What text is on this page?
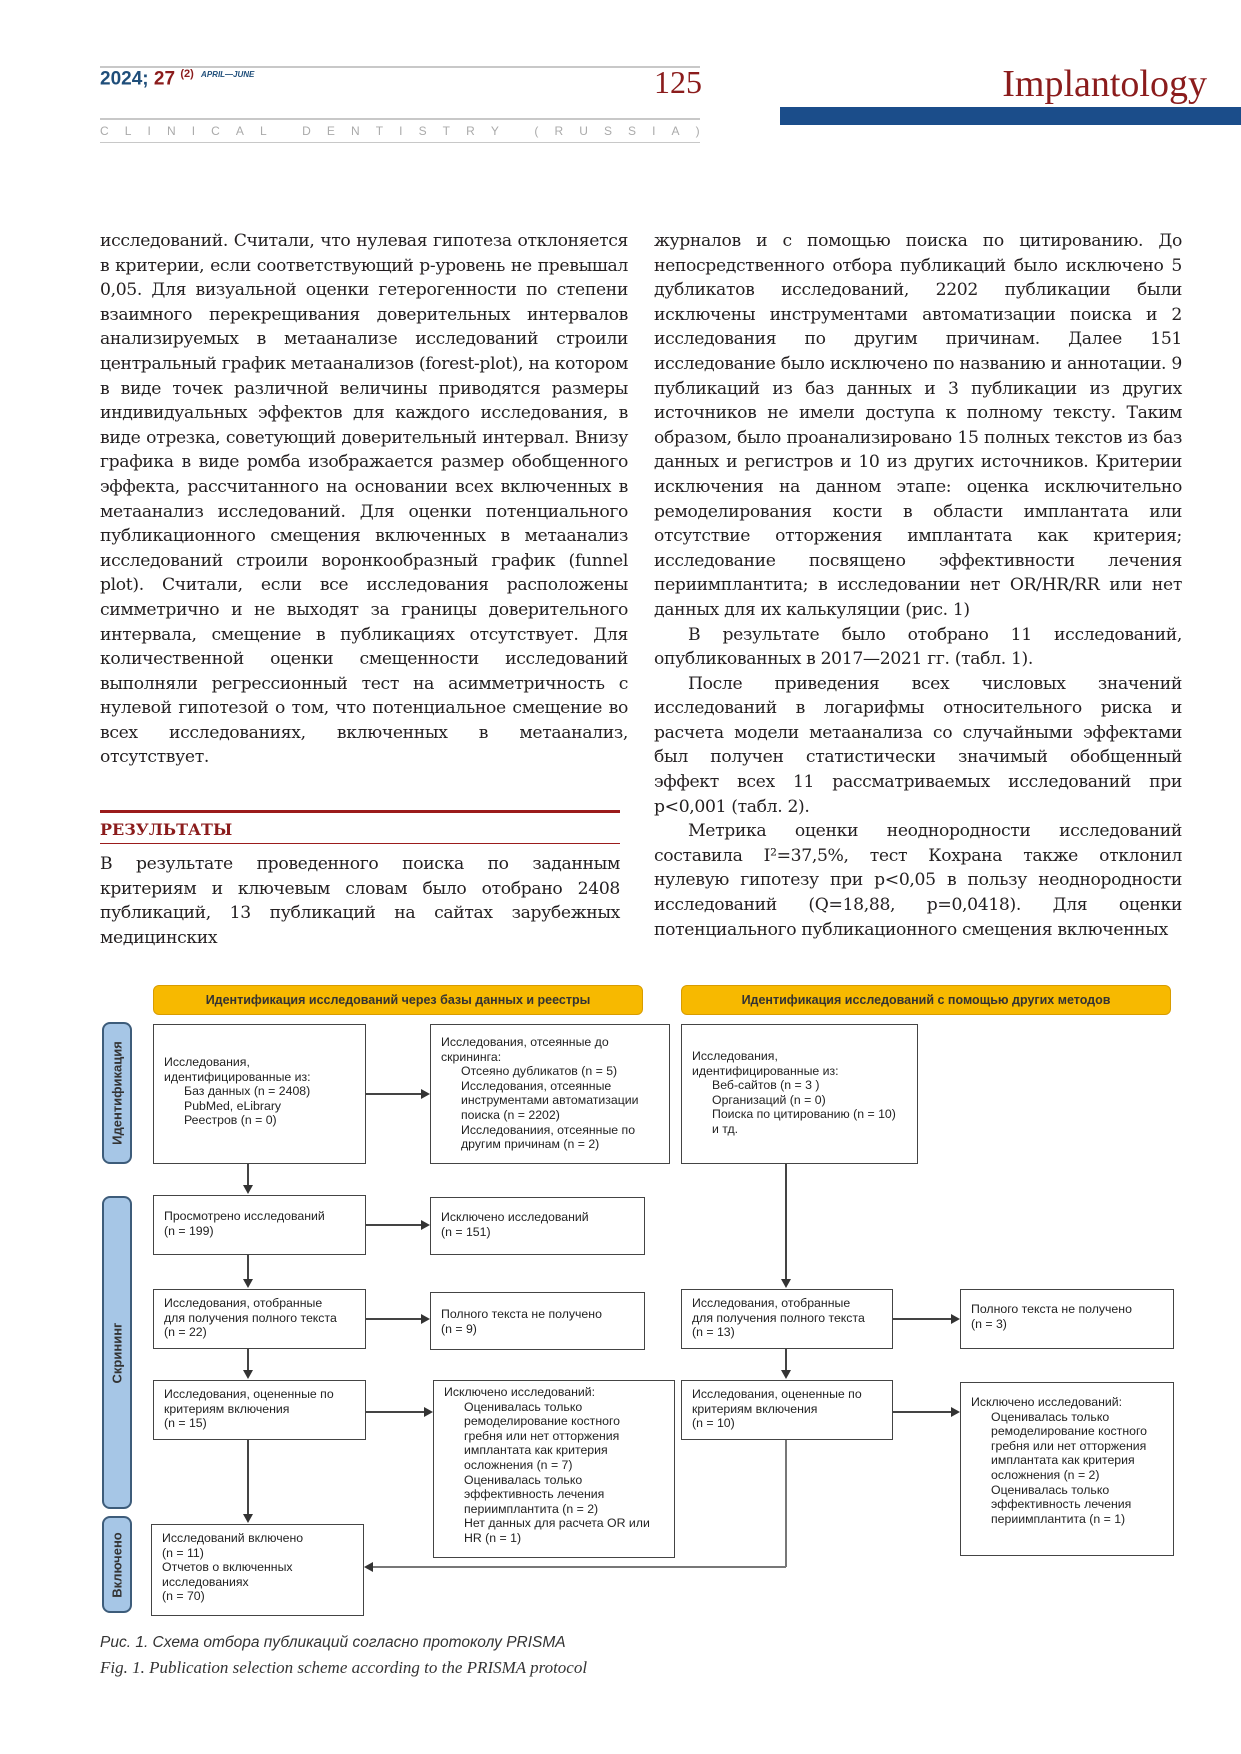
2024; 27 $^{(2)}$ $^{APRIL—JUNE}$	125
C L I N I C A L
	D E N T I S T R Y
	( R U S S I A )
Implantology

исследований. Считали, что нулевая гипотеза отклоняется в критерии, если соответствующий p-уровень не превышал 0,05. Для визуальной оценки гетерогенности по степени взаимного перекрещивания доверительных интервалов анализируемых в метаанализе исследований строили центральный график метаанализов (forest-plot), на котором в виде точек различной величины приводятся размеры индивидуальных эффектов для каждого исследования, в виде отрезка, советующий доверительный интервал. Внизу графика в виде ромба изображается размер обобщенного эффекта, рассчитанного на основании всех включенных в метаанализ исследований. Для оценки потенциального публикационного смещения включенных в метаанализ исследований строили воронкообразный график (funnel plot). Считали, если все исследования расположены симметрично и не выходят за границы доверительного интервала, смещение в публикациях отсутствует. Для количественной оценки смещенности исследований выполняли регрессионный тест на асимметричность с нулевой гипотезой о том, что потенциальное смещение во всех исследованиях, включенных в метаанализ, отсутствует.

РЕЗУЛЬТАТЫ
В результате проведенного поиска по заданным критериям и ключевым словам было отобрано 2408 публикаций, 13 публикаций на сайтах зарубежных медицинских

журналов и с помощью поиска по цитированию. До непосредственного отбора публикаций было исключено 5 дубликатов исследований, 2202 публикации были исключены инструментами автоматизации поиска и 2 исследования по другим причинам. Далее 151 исследование было исключено по названию и аннотации. 9 публикаций из баз данных и 3 публикации из других источников не имели доступа к полному тексту. Таким образом, было проанализировано 15 полных текстов из баз данных и регистров и 10 из других источников. Критерии исключения на данном этапе: оценка исключительно ремоделирования кости в области имплантата или отсутствие отторжения имплантата как критерия; исследование посвящено эффективности лечения периимплантита; в исследовании нет OR/HR/RR или нет данных для их калькуляции (рис. 1)

В результате было отобрано 11 исследований, опубликованных в 2017—2021 гг. (табл. 1).

После приведения всех числовых значений исследований в логарифмы относительного риска и расчета модели метаанализа со случайными эффектами был получен статистически значимый обобщенный эффект всех 11 рассматриваемых исследований при p<0,001 (табл. 2).

Метрика оценки неоднородности исследований составила I²=37,5%, тест Кохрана также отклонил нулевую гипотезу при p<0,05 в пользу неоднородности исследований (Q=18,88, p=0,0418). Для оценки потенциального публикационного смещения включенных

Идентификация исследований через базы данных и реестры	Идентификация исследований с помощью других методов
Идентификация
Скрининг
Включено
Исследования,
идентифицированные из:
Баз данных (n = 2408)
PubMed, eLibrary
Реестров (n = 0)
Исследования, отсеянные до
скрининга:
Отсеяно дубликатов (n = 5)
Исследования, отсеянные
инструментами автоматизации
поиска (n = 2202)
Исследованиия, отсеянные по
другим причинам (n = 2)
Просмотрено исследований
(n = 199)
Исключено исследований
(n = 151)
Исследования, отобранные
для получения полного текста
(n = 22)
Полного текста не получено
(n = 9)
Исследования, оцененные по
критериям включения
(n = 15)
Исключено исследований:
Оценивалась только
ремоделирование костного
гребня или нет отторжения
имплантата как критерия
осложнения (n = 7)
Оценивалась только
эффективность лечения
периимплантита (n = 2)
Нет данных для расчета OR или
HR (n = 1)
Исследований включено
(n = 11)
Отчетов о включенных
исследованиях
(n = 70)
Исследования,
идентифицированные из:
Веб-сайтов (n = 3 )
Организаций (n = 0)
Поиска по цитированию (n = 10)
и тд.
Исследования, отобранные
для получения полного текста
(n = 13)
Полного текста не получено
(n = 3)
Исследования, оцененные по
критериям включения
(n = 10)
Исключено исследований:
Оценивалась только
ремоделирование костного
гребня или нет отторжения
имплантата как критерия
осложнения (n = 2)
Оценивалась только
эффективность лечения
периимплантита (n = 1)
Рис. 1. Схема отбора публикаций согласно протоколу PRISMA
Fig. 1. Publication selection scheme according to the PRISMA protocol
